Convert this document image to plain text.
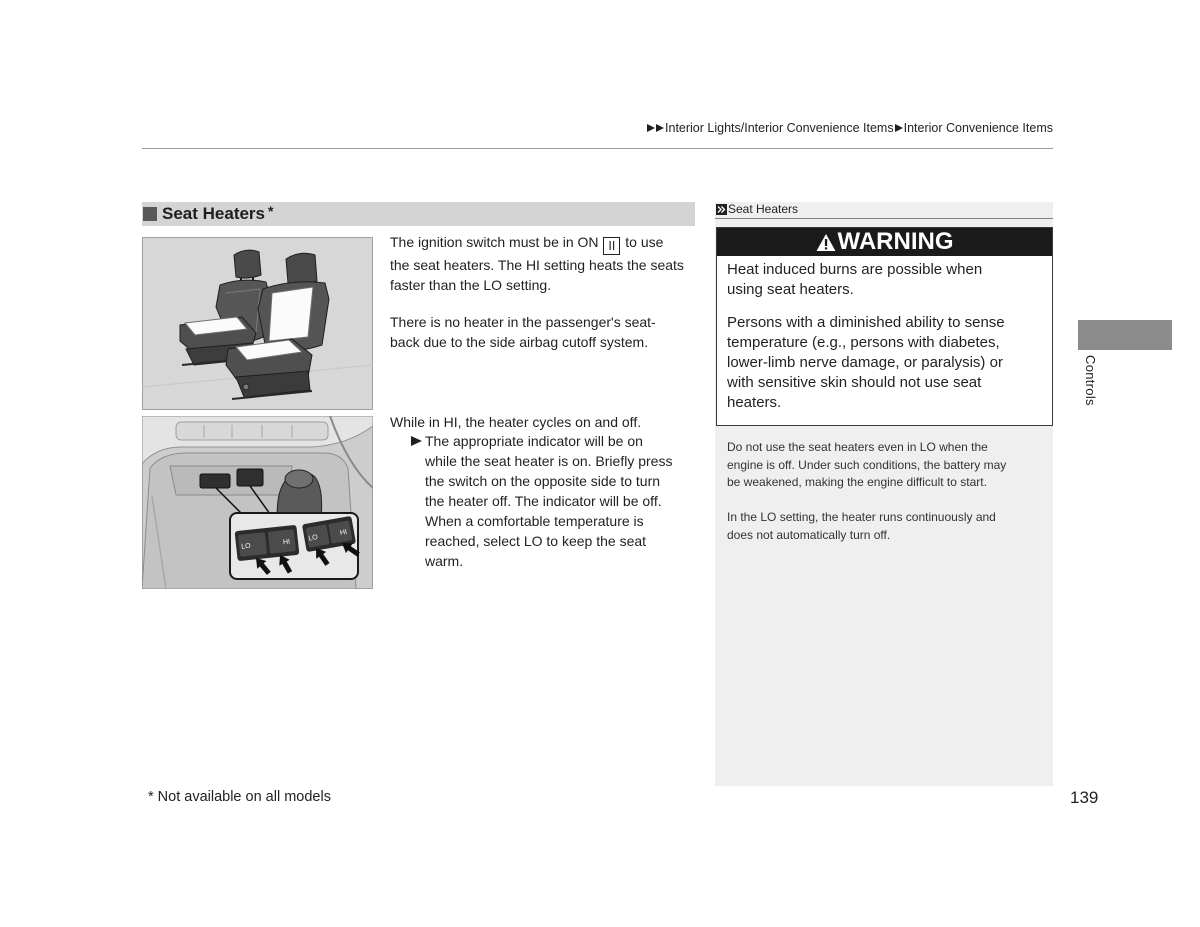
Interior Lights/Interior Convenience Items Interior Convenience Items
Seat Heaters *
LO
HI	LO
HI
The ignition switch must be in ON II to use
the seat heaters. The HI setting heats the seats
faster than the LO setting.
There is no heater in the passenger's seat-
back due to the side airbag cutoff system.
While in HI, the heater cycles on and off.
The appropriate indicator will be on
while the seat heater is on. Briefly press
the switch on the opposite side to turn
the heater off. The indicator will be off.
When a comfortable temperature is
reached, select LO to keep the seat
warm.
Seat Heaters
WARNING
Heat induced burns are possible when
using seat heaters.
Persons with a diminished ability to sense
temperature (e.g., persons with diabetes,
lower-limb nerve damage, or paralysis) or
with sensitive skin should not use seat
heaters.
Do not use the seat heaters even in LO when the
engine is off. Under such conditions, the battery may
be weakened, making the engine difficult to start.
In the LO setting, the heater runs continuously and
does not automatically turn off.
Controls
* Not available on all models	139
